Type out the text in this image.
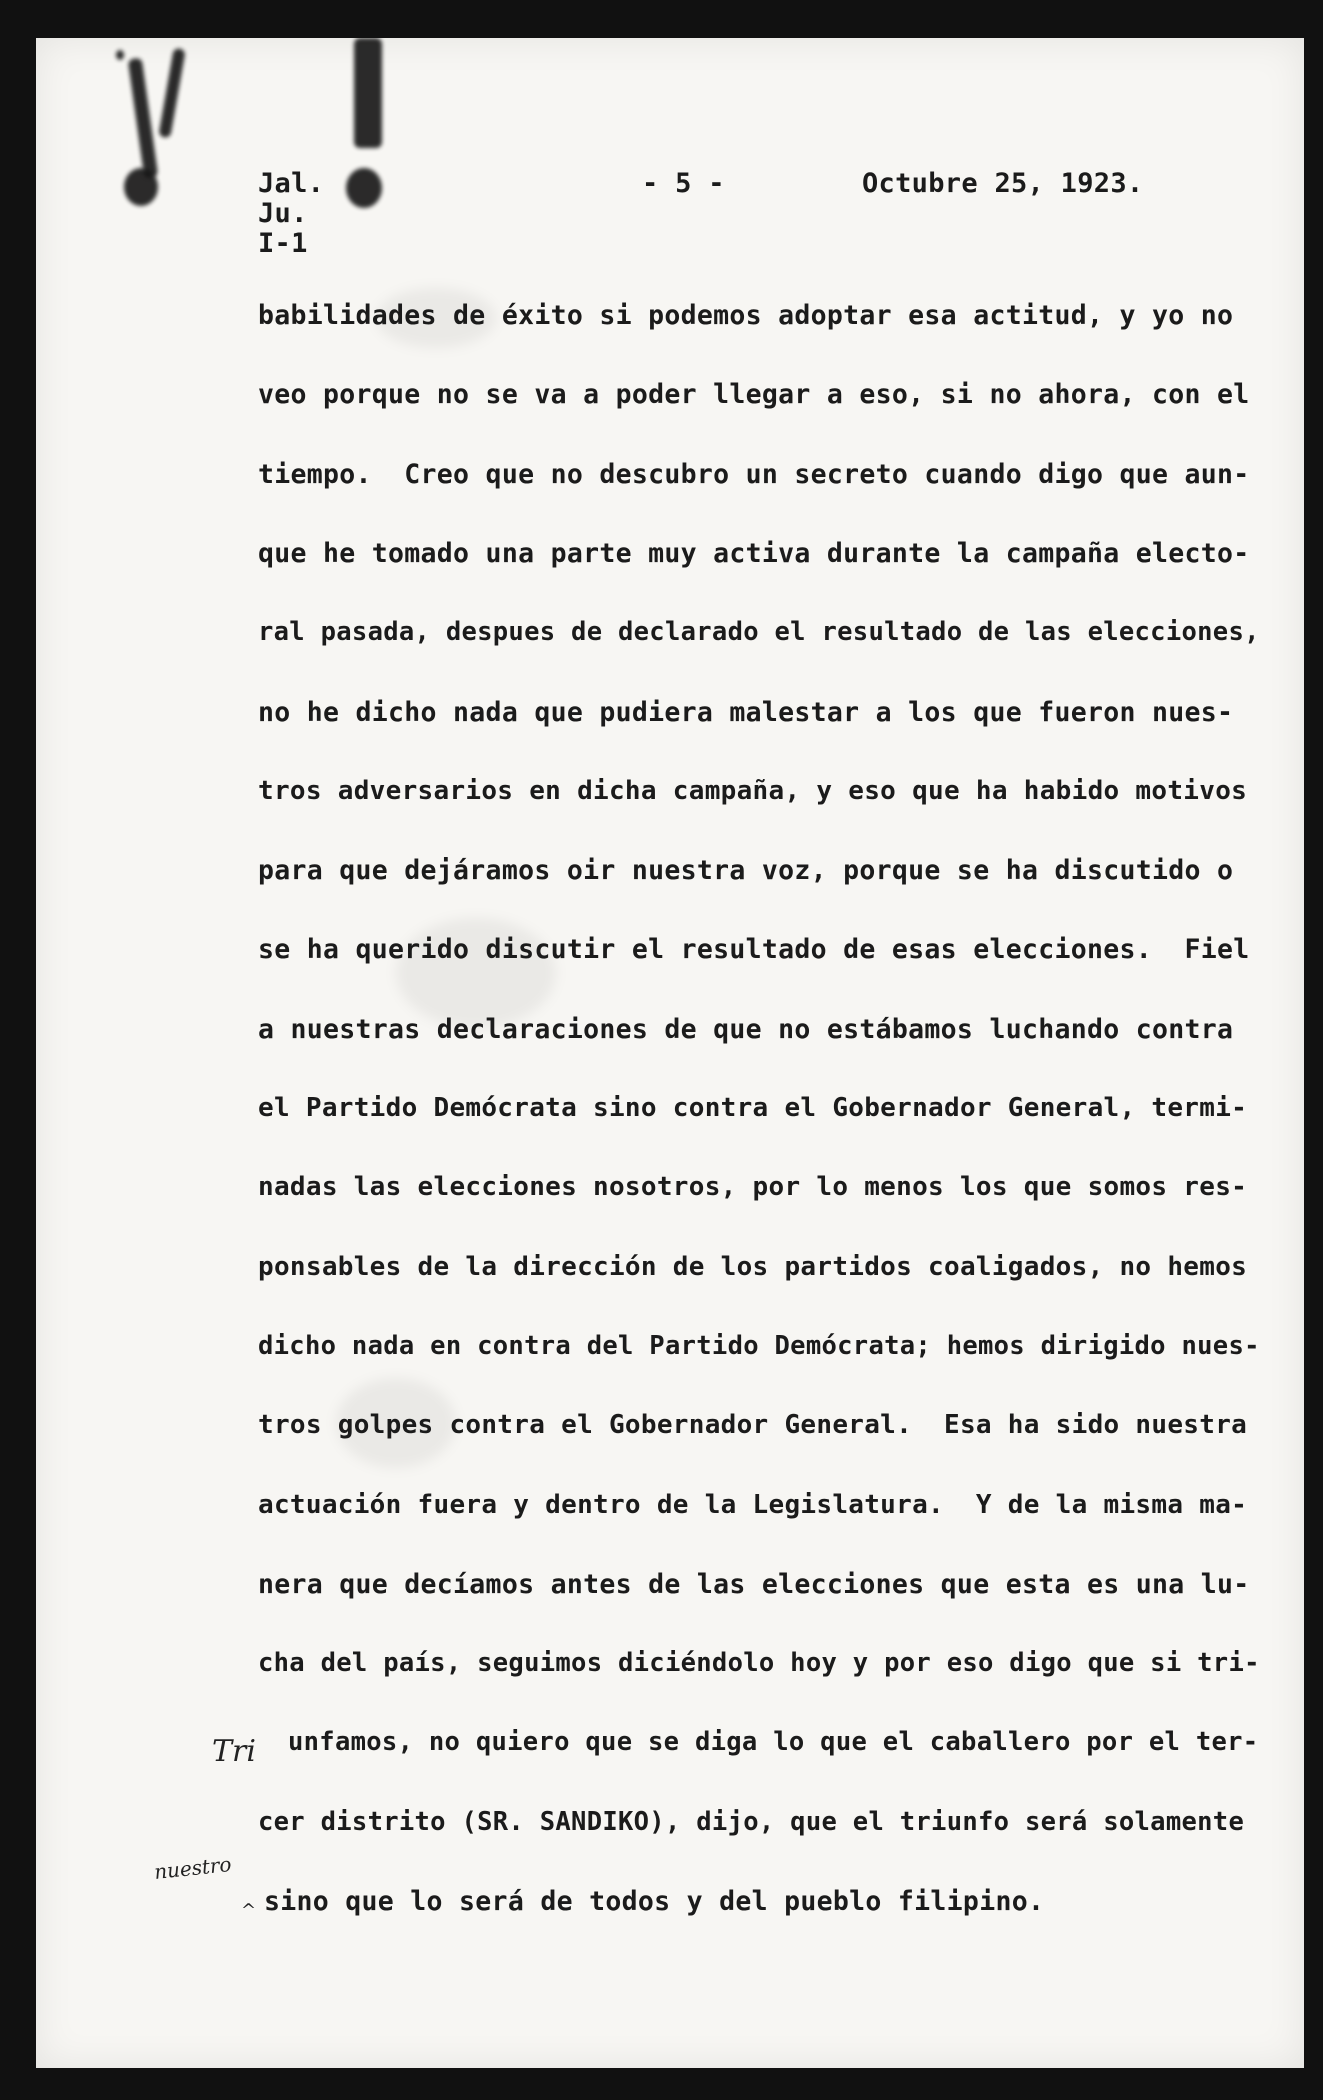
Jal.
Ju.
I-1
- 5 -	Octubre 25, 1923.
babilidades de éxito si podemos adoptar esa actitud, y yo no
veo porque no se va a poder llegar a eso, si no ahora, con el
tiempo.  Creo que no descubro un secreto cuando digo que aun-
que he tomado una parte muy activa durante la campaña electo-
ral pasada, despues de declarado el resultado de las elecciones,
no he dicho nada que pudiera malestar a los que fueron nues-
tros adversarios en dicha campaña, y eso que ha habido motivos
para que dejáramos oir nuestra voz, porque se ha discutido o
se ha querido discutir el resultado de esas elecciones.  Fiel
a nuestras declaraciones de que no estábamos luchando contra
el Partido Demócrata sino contra el Gobernador General, termi-
nadas las elecciones nosotros, por lo menos los que somos res-
ponsables de la dirección de los partidos coaligados, no hemos
dicho nada en contra del Partido Demócrata; hemos dirigido nues-
tros golpes contra el Gobernador General.  Esa ha sido nuestra
actuación fuera y dentro de la Legislatura.  Y de la misma ma-
nera que decíamos antes de las elecciones que esta es una lu-
cha del país, seguimos diciéndolo hoy y por eso digo que si tri-
unfamos, no quiero que se diga lo que el caballero por el ter-
cer distrito (SR. SANDIKO), dijo, que el triunfo será solamente
sino que lo será de todos y del pueblo filipino.
Tri
nuestro
^
